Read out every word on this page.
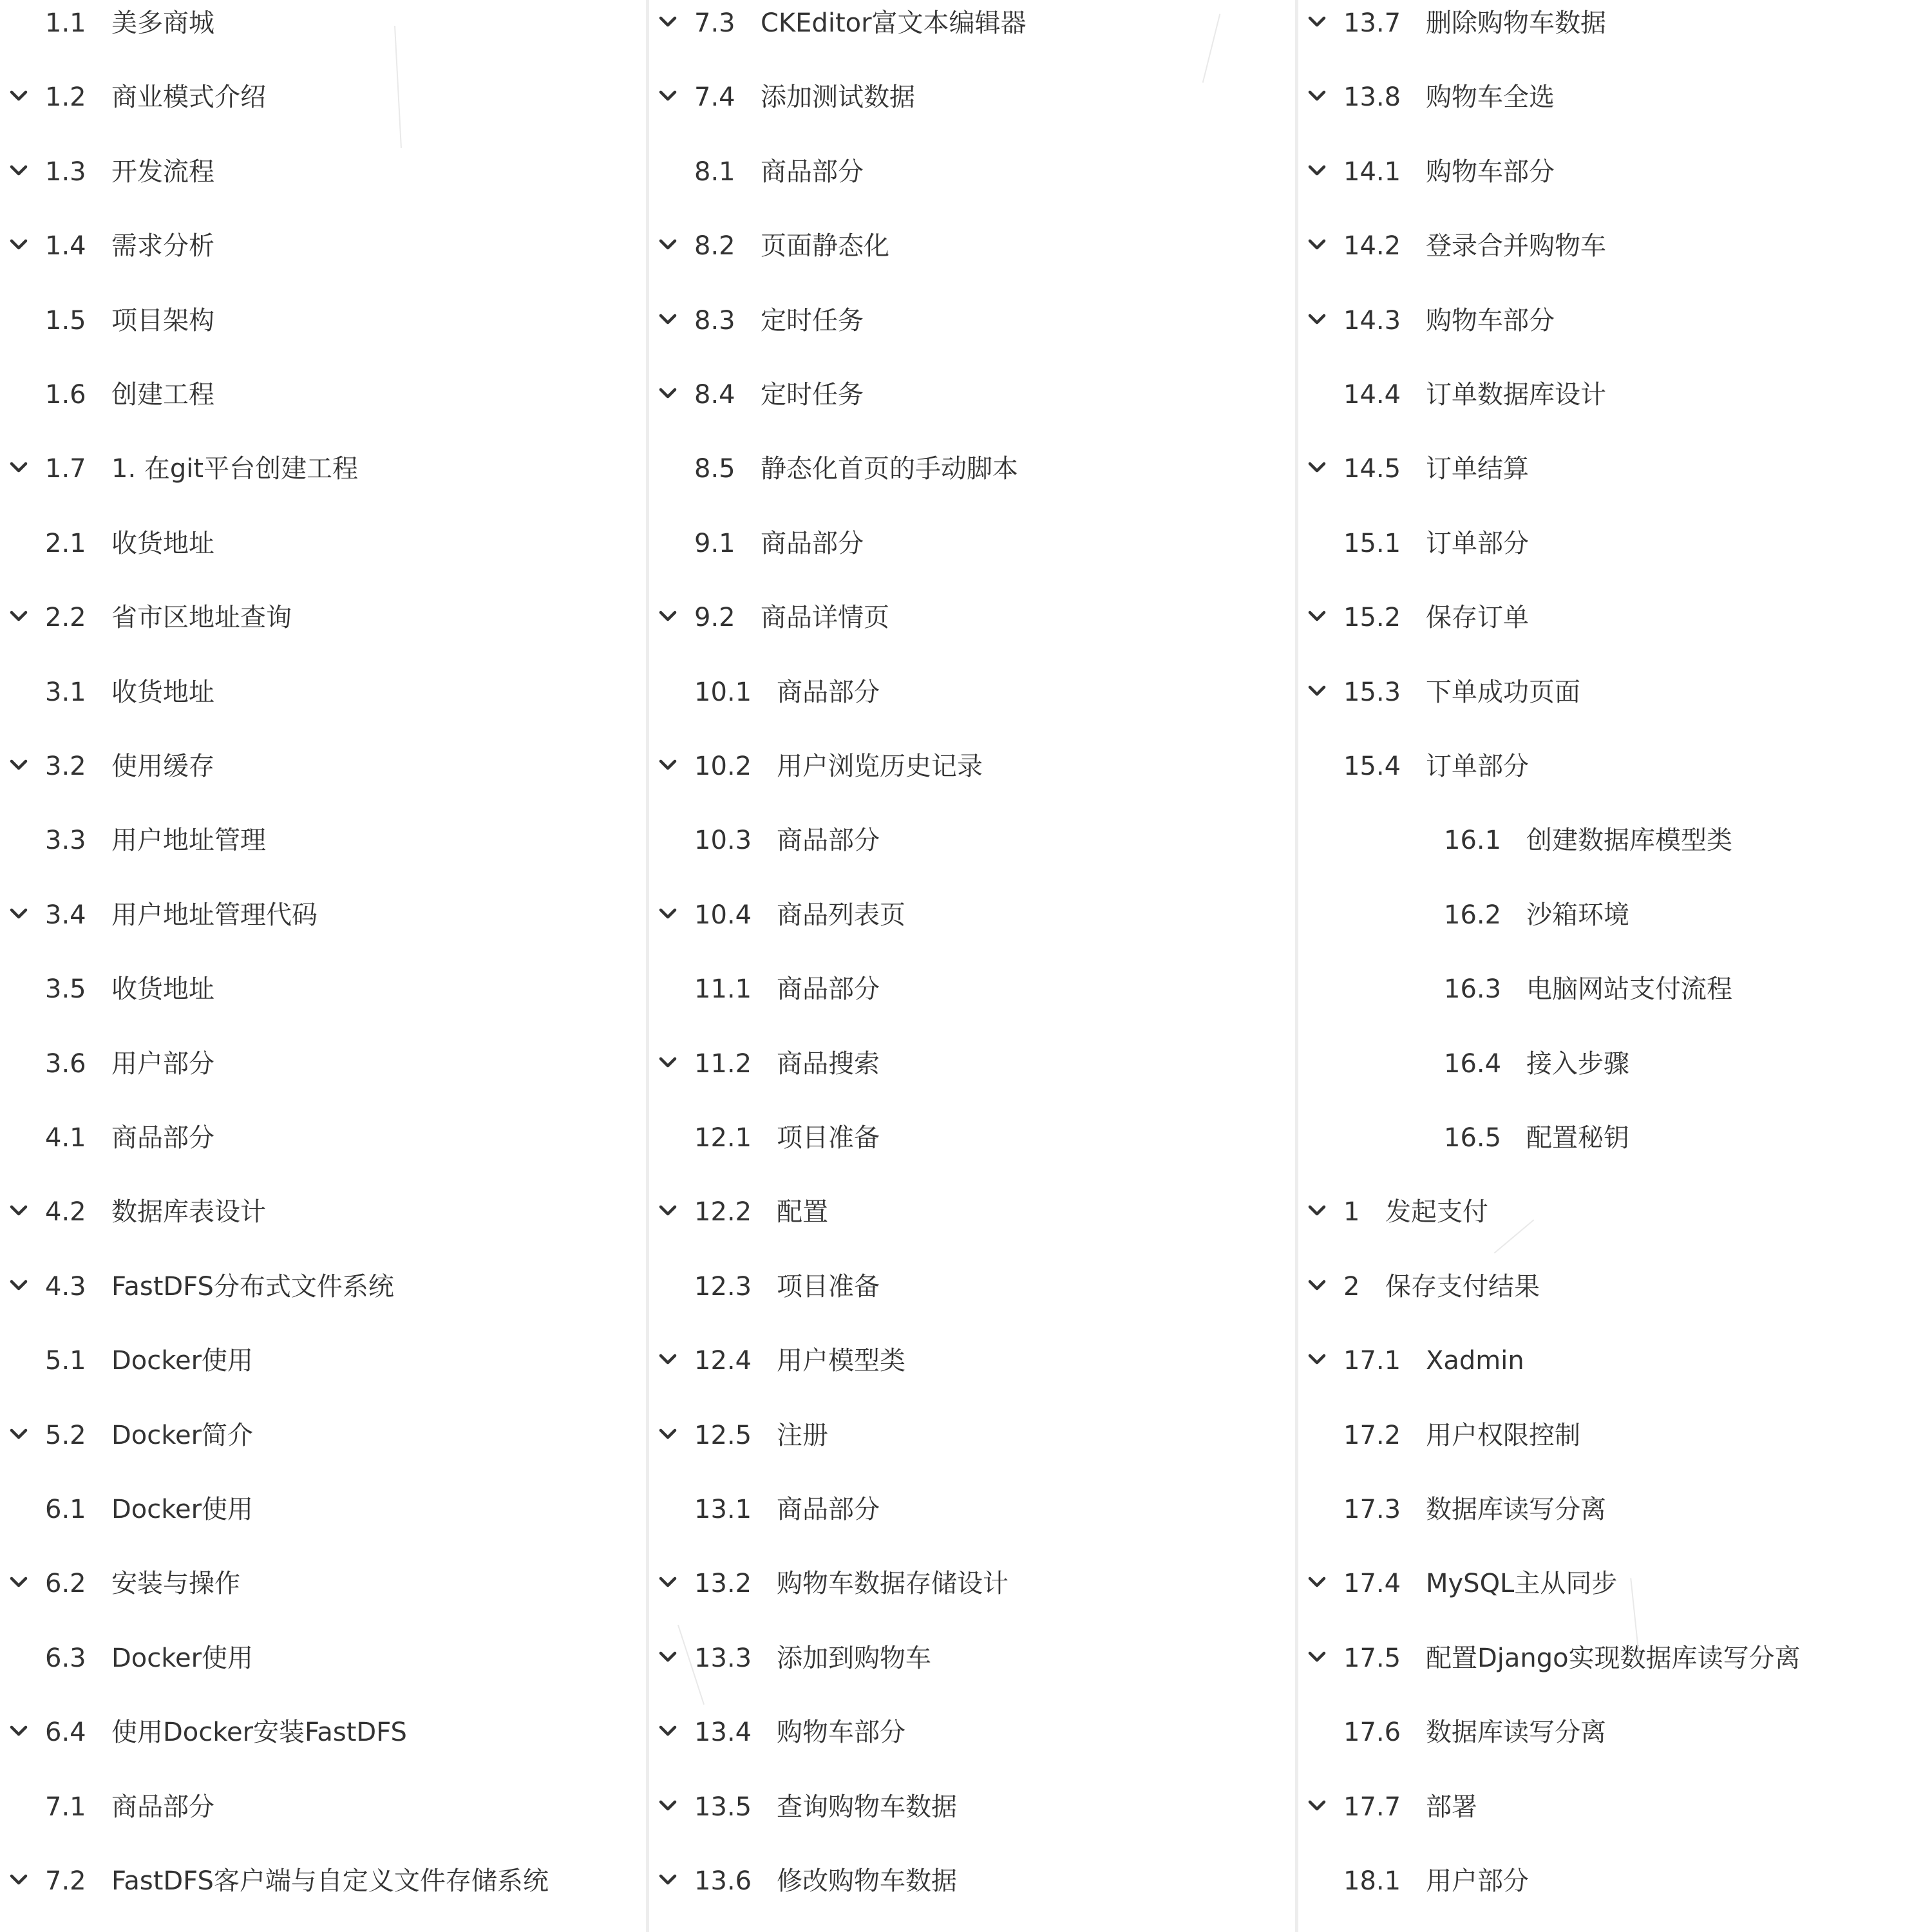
1.1 美多商城
1.2 商业模式介绍
1.3 开发流程
1.4 需求分析
1.5 项目架构
1.6 创建工程
1.7 1. 在git平台创建工程
2.1 收货地址
2.2 省市区地址查询
3.1 收货地址
3.2 使用缓存
3.3 用户地址管理
3.4 用户地址管理代码
3.5 收货地址
3.6 用户部分
4.1 商品部分
4.2 数据库表设计
4.3 FastDFS分布式文件系统
5.1 Docker使用
5.2 Docker简介
6.1 Docker使用
6.2 安装与操作
6.3 Docker使用
6.4 使用Docker安装FastDFS
7.1 商品部分
7.2 FastDFS客户端与自定义文件存储系统
7.3 CKEditor富文本编辑器
7.4 添加测试数据
8.1 商品部分
8.2 页面静态化
8.3 定时任务
8.4 定时任务
8.5 静态化首页的手动脚本
9.1 商品部分
9.2 商品详情页
10.1 商品部分
10.2 用户浏览历史记录
10.3 商品部分
10.4 商品列表页
11.1 商品部分
11.2 商品搜索
12.1 项目准备
12.2 配置
12.3 项目准备
12.4 用户模型类
12.5 注册
13.1 商品部分
13.2 购物车数据存储设计
13.3 添加到购物车
13.4 购物车部分
13.5 查询购物车数据
13.6 修改购物车数据
13.7 删除购物车数据
13.8 购物车全选
14.1 购物车部分
14.2 登录合并购物车
14.3 购物车部分
14.4 订单数据库设计
14.5 订单结算
15.1 订单部分
15.2 保存订单
15.3 下单成功页面
15.4 订单部分
16.1 创建数据库模型类
16.2 沙箱环境
16.3 电脑网站支付流程
16.4 接入步骤
16.5 配置秘钥
1 发起支付
2 保存支付结果
17.1 Xadmin
17.2 用户权限控制
17.3 数据库读写分离
17.4 MySQL主从同步
17.5 配置Django实现数据库读写分离
17.6 数据库读写分离
17.7 部署
18.1 用户部分
